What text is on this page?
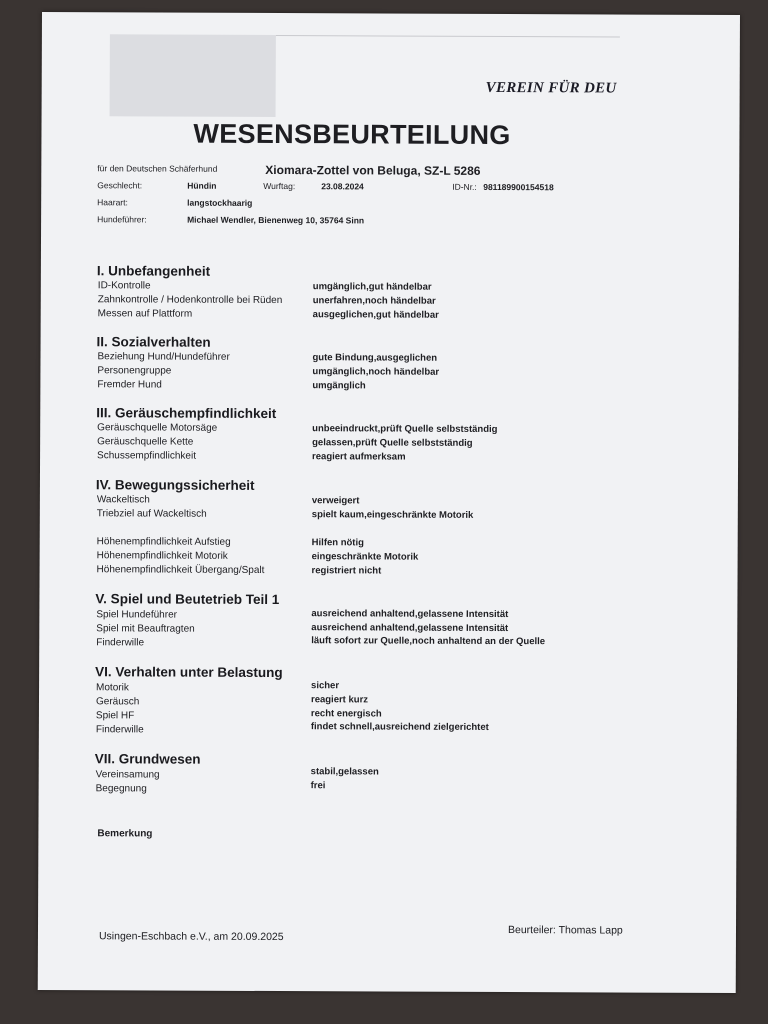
VEREIN FÜR DEU
WESENSBEURTEILUNG
für den Deutschen Schäferhund	Xiomara-Zottel von Beluga, SZ-L 5286
Geschlecht:	Hündin	Wurftag:	23.08.2024	ID-Nr.: 981189900154518
Haarart:	langstockhaarig
Hundeführer:	Michael Wendler, Bienenweg 10, 35764 Sinn
I. Unbefangenheit
ID-Kontrolle	umgänglich,gut händelbar
Zahnkontrolle / Hodenkontrolle bei Rüden	unerfahren,noch händelbar
Messen auf Plattform	ausgeglichen,gut händelbar
II. Sozialverhalten
Beziehung Hund/Hundeführer	gute Bindung,ausgeglichen
Personengruppe	umgänglich,noch händelbar
Fremder Hund	umgänglich
III. Geräuschempfindlichkeit
Geräuschquelle Motorsäge	unbeeindruckt,prüft Quelle selbstständig
Geräuschquelle Kette	gelassen,prüft Quelle selbstständig
Schussempfindlichkeit	reagiert aufmerksam
IV. Bewegungssicherheit
Wackeltisch	verweigert
Triebziel auf Wackeltisch	spielt kaum,eingeschränkte Motorik
Höhenempfindlichkeit Aufstieg	Hilfen nötig
Höhenempfindlichkeit Motorik	eingeschränkte Motorik
Höhenempfindlichkeit Übergang/Spalt	registriert nicht
V. Spiel und Beutetrieb Teil 1
Spiel Hundeführer	ausreichend anhaltend,gelassene Intensität
Spiel mit Beauftragten	ausreichend anhaltend,gelassene Intensität
Finderwille	läuft sofort zur Quelle,noch anhaltend an der Quelle
VI. Verhalten unter Belastung
Motorik	sicher
Geräusch	reagiert kurz
Spiel HF	recht energisch
Finderwille	findet schnell,ausreichend zielgerichtet
VII. Grundwesen
Vereinsamung	stabil,gelassen
Begegnung	frei
Bemerkung
Usingen-Eschbach e.V., am 20.09.2025	Beurteiler: Thomas Lapp
